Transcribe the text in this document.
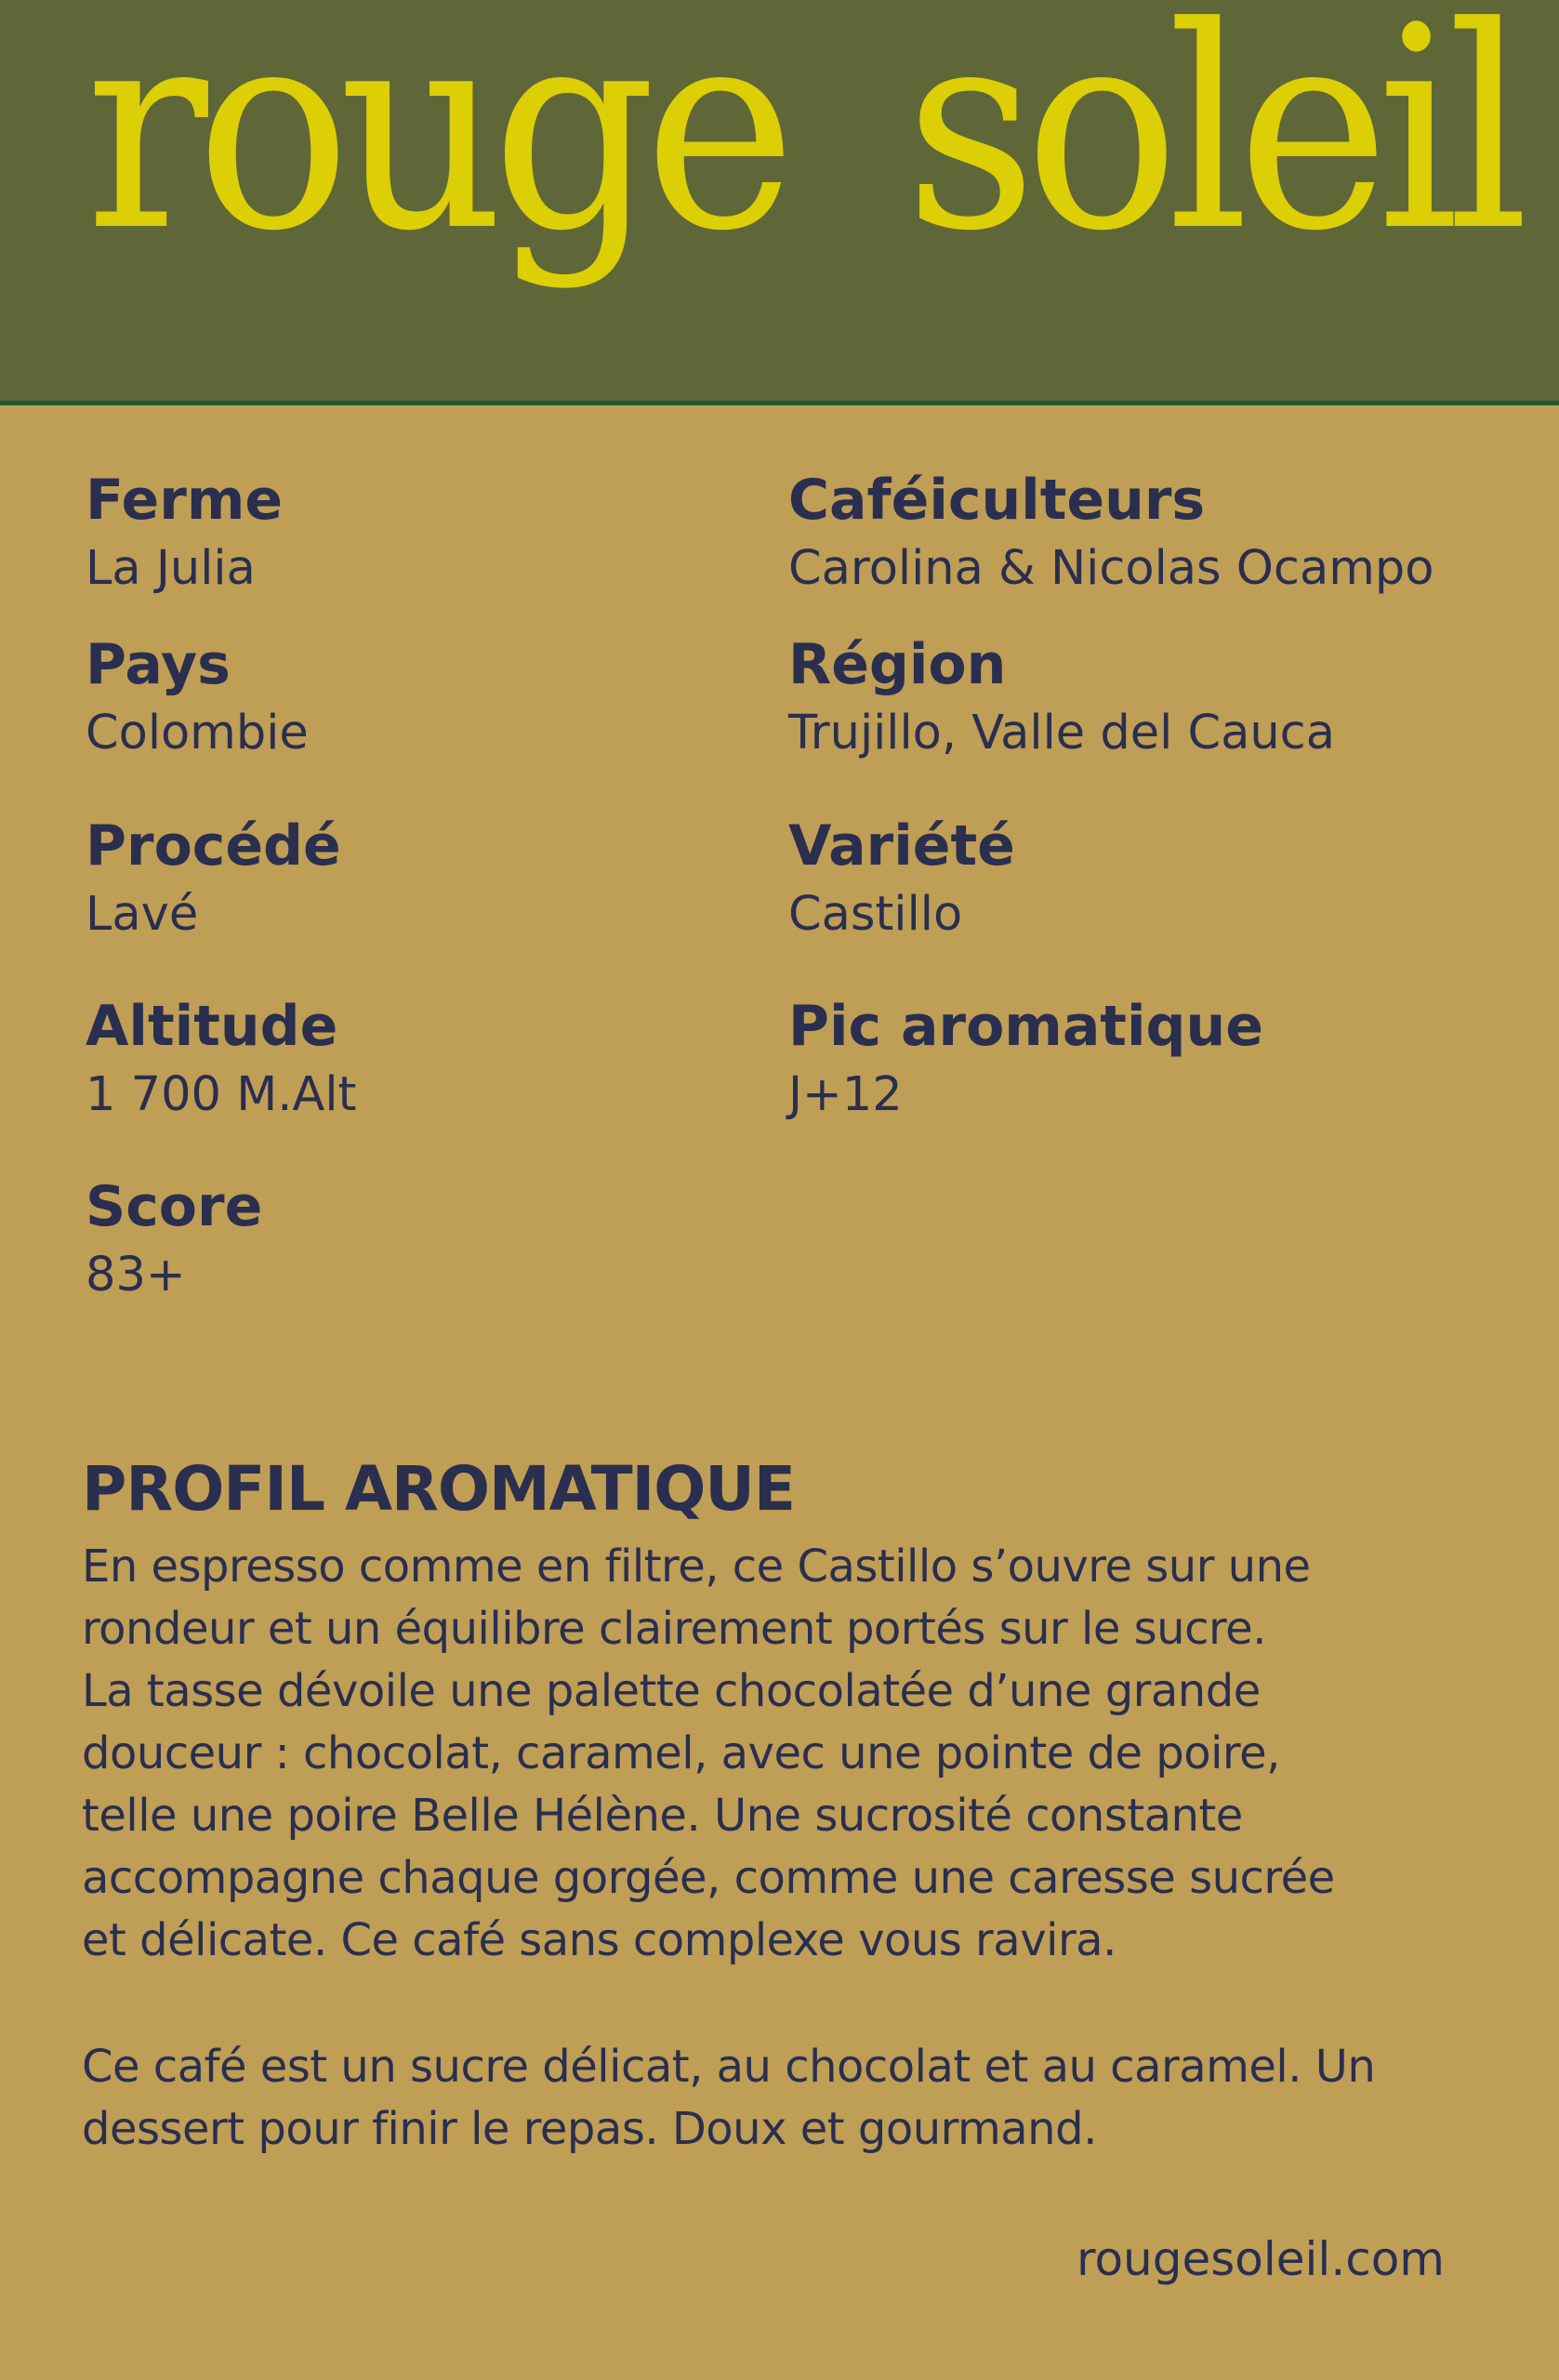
rouge soleil
Ferme
La Julia
Caféiculteurs
Carolina & Nicolas Ocampo
Pays
Colombie
Région
Trujillo, Valle del Cauca
Procédé
Lavé
Variété
Castillo
Altitude
1 700 M.Alt
Pic aromatique
J+12
Score
83+
PROFIL AROMATIQUE
En espresso comme en filtre, ce Castillo s’ouvre sur une
rondeur et un équilibre clairement portés sur le sucre.
La tasse dévoile une palette chocolatée d’une grande
douceur : chocolat, caramel, avec une pointe de poire,
telle une poire Belle Hélène. Une sucrosité constante
accompagne chaque gorgée, comme une caresse sucrée
et délicate. Ce café sans complexe vous ravira.
Ce café est un sucre délicat, au chocolat et au caramel. Un
dessert pour finir le repas. Doux et gourmand.
rougesoleil.com
